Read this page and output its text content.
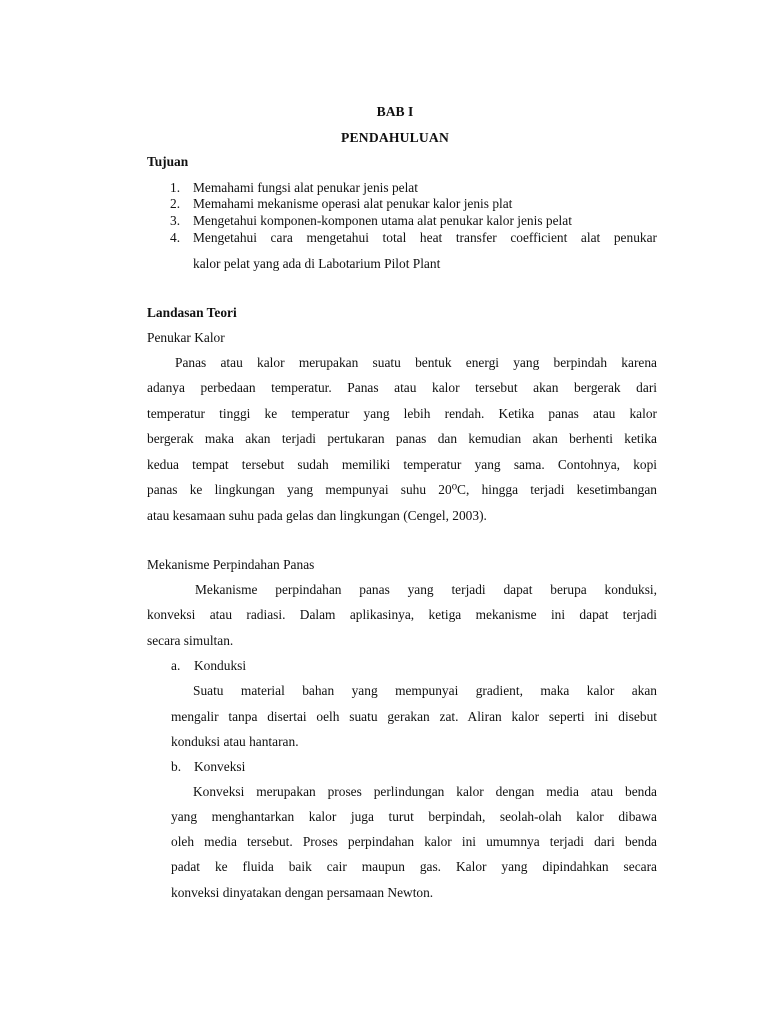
BAB I
PENDAHULUAN
Tujuan
1. Memahami fungsi alat penukar jenis pelat
2. Memahami mekanisme operasi alat penukar kalor jenis plat
3. Mengetahui komponen-komponen utama alat penukar kalor jenis pelat
4. Mengetahui cara mengetahui total heat transfer coefficient alat penukar
kalor pelat yang ada di Labotarium Pilot Plant
Landasan Teori
Penukar Kalor
Panas atau kalor merupakan suatu bentuk energi yang berpindah karena
adanya perbedaan temperatur. Panas atau kalor tersebut akan bergerak dari
temperatur tinggi ke temperatur yang lebih rendah. Ketika panas atau kalor
bergerak maka akan terjadi pertukaran panas dan kemudian akan berhenti ketika
kedua tempat tersebut sudah memiliki temperatur yang sama. Contohnya, kopi
panas ke lingkungan yang mempunyai suhu 20⁰C, hingga terjadi kesetimbangan
atau kesamaan suhu pada gelas dan lingkungan (Cengel, 2003).
Mekanisme Perpindahan Panas
Mekanisme perpindahan panas yang terjadi dapat berupa konduksi,
konveksi atau radiasi. Dalam aplikasinya, ketiga mekanisme ini dapat terjadi
secara simultan.
a. Konduksi
Suatu material bahan yang mempunyai gradient, maka kalor akan
mengalir tanpa disertai oelh suatu gerakan zat. Aliran kalor seperti ini disebut
konduksi atau hantaran.
b. Konveksi
Konveksi merupakan proses perlindungan kalor dengan media atau benda
yang menghantarkan kalor juga turut berpindah, seolah-olah kalor dibawa
oleh media tersebut. Proses perpindahan kalor ini umumnya terjadi dari benda
padat ke fluida baik cair maupun gas. Kalor yang dipindahkan secara
konveksi dinyatakan dengan persamaan Newton.
